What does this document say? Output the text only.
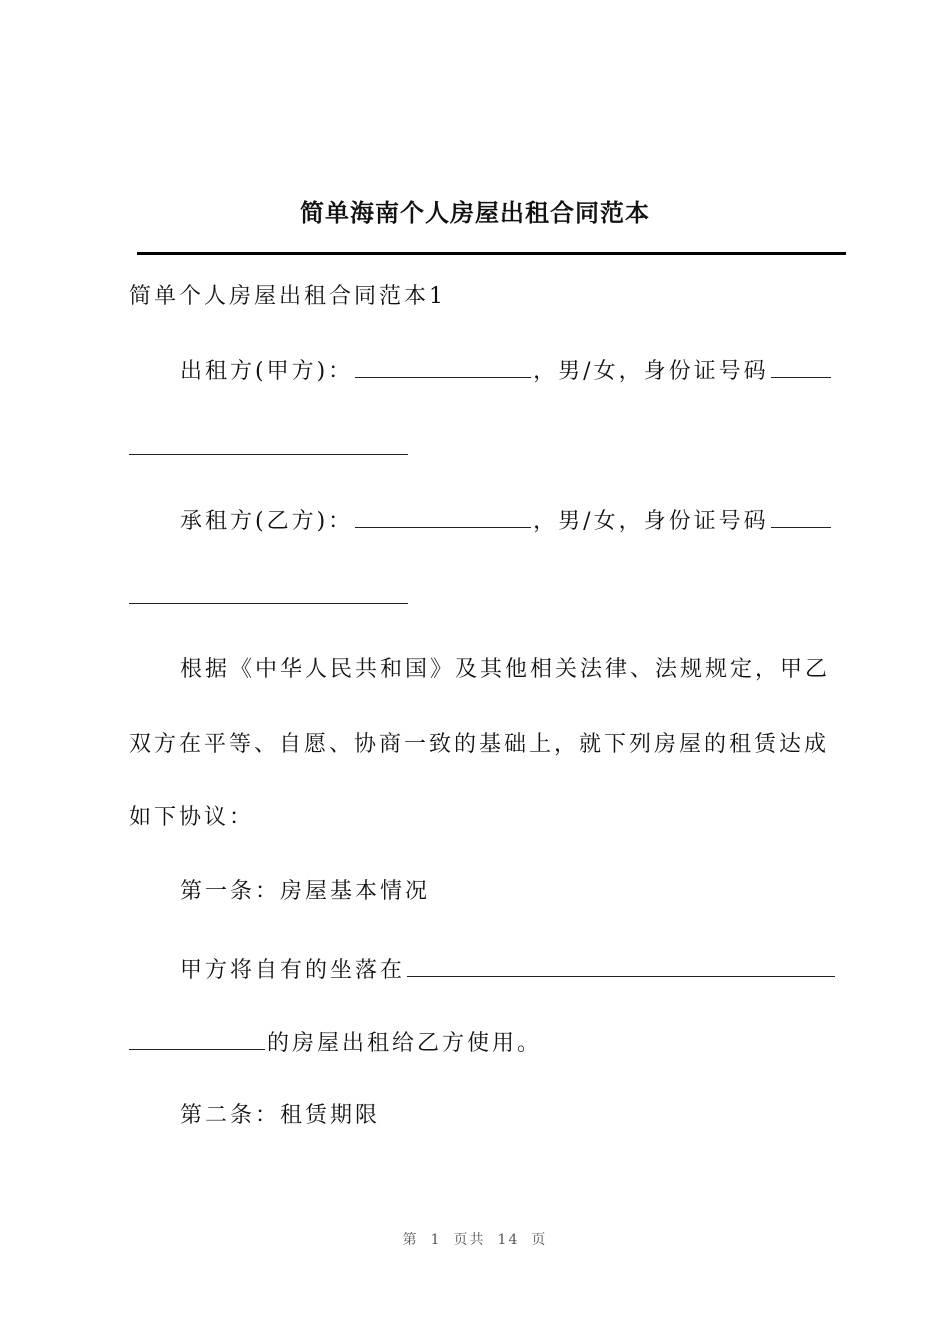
简单海南个人房屋出租合同范本
简单个人房屋出租合同范本1
出租方(甲方)：	，男/女，身份证号码
承租方(乙方)：	，男/女，身份证号码
根据《中华人民共和国》及其他相关法律、法规规定，甲乙
双方在平等、自愿、协商一致的基础上，就下列房屋的租赁达成
如下协议：
第一条：房屋基本情况
甲方将自有的坐落在
的房屋出租给乙方使用。
第二条：租赁期限
第 1 页共 14 页
